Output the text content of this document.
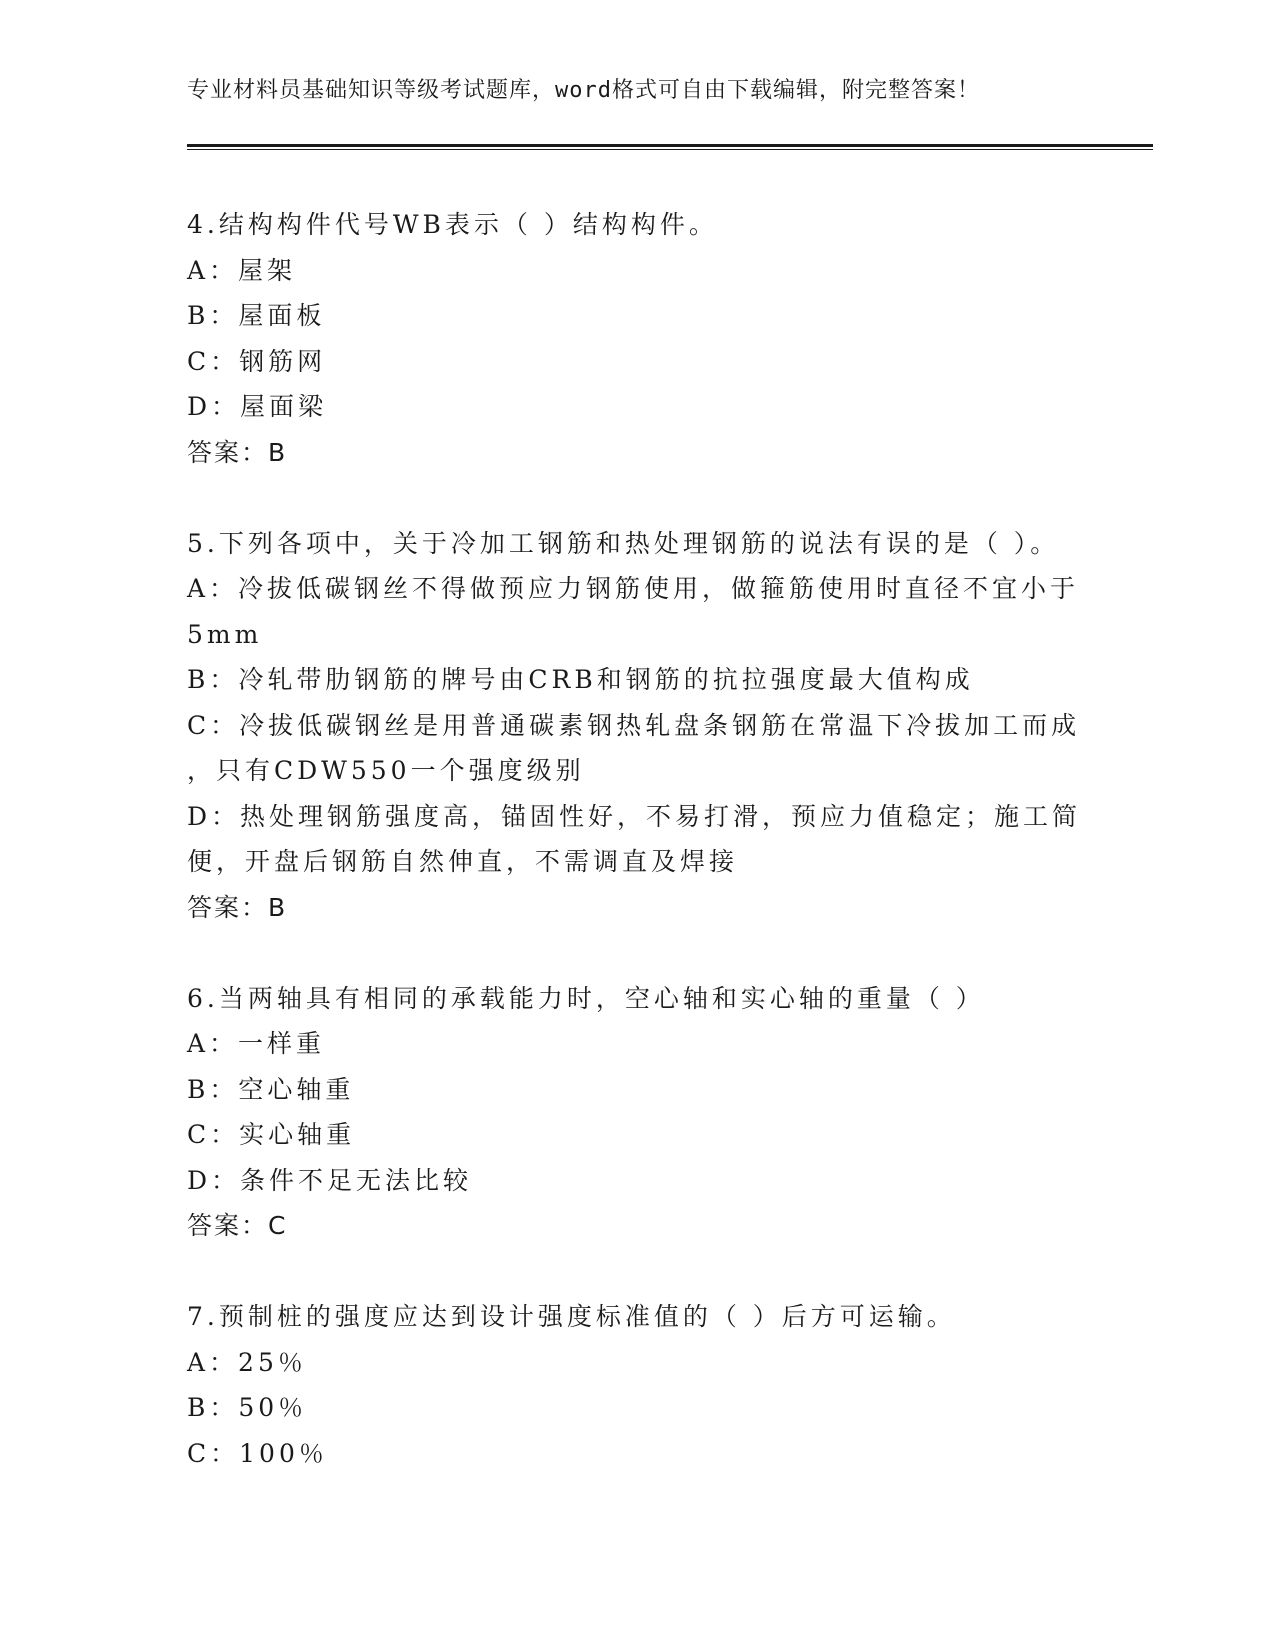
专业材料员基础知识等级考试题库，word格式可自由下载编辑，附完整答案！
4.结构构件代号WB表示（ ）结构构件。
A：屋架
B：屋面板
C：钢筋网
D：屋面梁
答案：B
5.下列各项中，关于冷加工钢筋和热处理钢筋的说法有误的是（ ）。
A：冷拔低碳钢丝不得做预应力钢筋使用，做箍筋使用时直径不宜小于
5mm
B：冷轧带肋钢筋的牌号由CRB和钢筋的抗拉强度最大值构成
C：冷拔低碳钢丝是用普通碳素钢热轧盘条钢筋在常温下冷拔加工而成
，只有CDW550一个强度级别
D：热处理钢筋强度高，锚固性好，不易打滑，预应力值稳定；施工简
便，开盘后钢筋自然伸直，不需调直及焊接
答案：B
6.当两轴具有相同的承载能力时，空心轴和实心轴的重量（ ）
A：一样重
B：空心轴重
C：实心轴重
D：条件不足无法比较
答案：C
7.预制桩的强度应达到设计强度标准值的（ ）后方可运输。
A：25％
B：50％
C：100％
